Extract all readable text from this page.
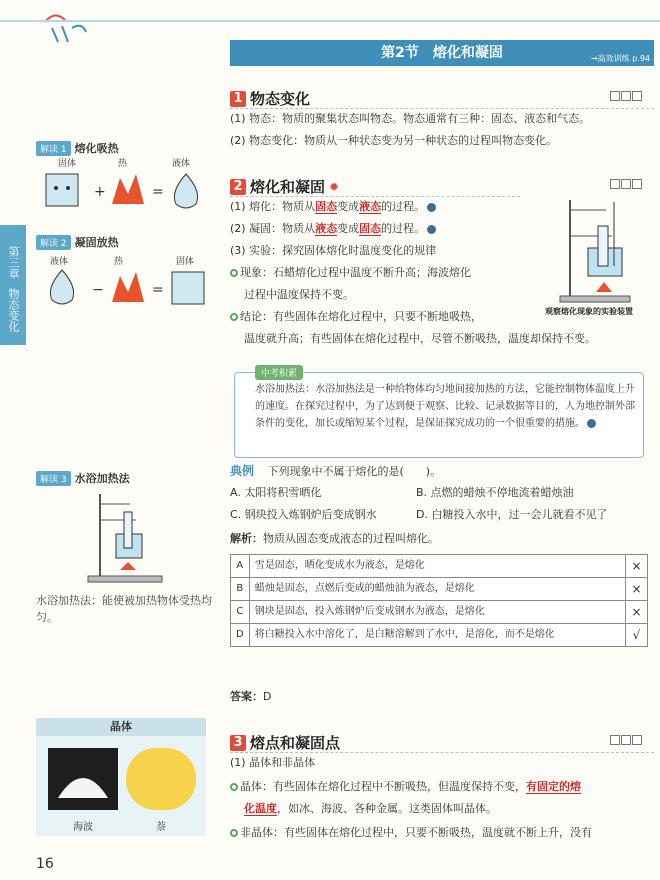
第三章 物态变化
解读 1 熔化吸热
固体	热	液体
+	=
解读 2 凝固放热
液体	热	固体
−	=
解读 3 水浴加热法
水浴加热法：能使被加热物体受热均匀。
晶体
海波	萘
16
第2节　熔化和凝固	→高效训练 p.94
1 物态变化
(1) 物态：物质的聚集状态叫物态。物态通常有三种：固态、液态和气态。
(2) 物态变化：物质从一种状态变为另一种状态的过程叫物态变化。
2 熔化和凝固 ✹
(1) 熔化：物质从固态变成液态的过程。
(2) 凝固：物质从液态变成固态的过程。
(3) 实验：探究固体熔化时温度变化的规律
现象：石蜡熔化过程中温度不断升高；海波熔化
过程中温度保持不变。
结论：有些固体在熔化过程中，只要不断地吸热，
温度就升高；有些固体在熔化过程中，尽管不断吸热，温度却保持不变。
观察熔化现象的实验装置
中考积累
水浴加热法：水浴加热法是一种给物体均匀地间接加热的方法，它能控制物体温度上升的速度。在探究过程中，为了达到便于观察、比较、记录数据等目的，人为地控制外部条件的变化，加长或缩短某个过程，是保证探究成功的一个很重要的措施。
典例 下列现象中不属于熔化的是(　　)。
A. 太阳将积雪晒化	B. 点燃的蜡烛不停地流着蜡烛油
C. 钢块投入炼钢炉后变成钢水	D. 白糖投入水中，过一会儿就看不见了
解析：物质从固态变成液态的过程叫熔化。
A	雪是固态，晒化变成水为液态，是熔化	×
B	蜡烛是固态，点燃后变成的蜡烛油为液态，是熔化	×
C	钢块是固态，投入炼钢炉后变成钢水为液态，是熔化	×
D	将白糖投入水中溶化了，是白糖溶解到了水中，是溶化，而不是熔化	√
答案：D
3 熔点和凝固点
(1) 晶体和非晶体
晶体：有些固体在熔化过程中不断吸热，但温度保持不变，有固定的熔
化温度，如冰、海波、各种金属。这类固体叫晶体。
非晶体：有些固体在熔化过程中，只要不断吸热，温度就不断上升，没有
